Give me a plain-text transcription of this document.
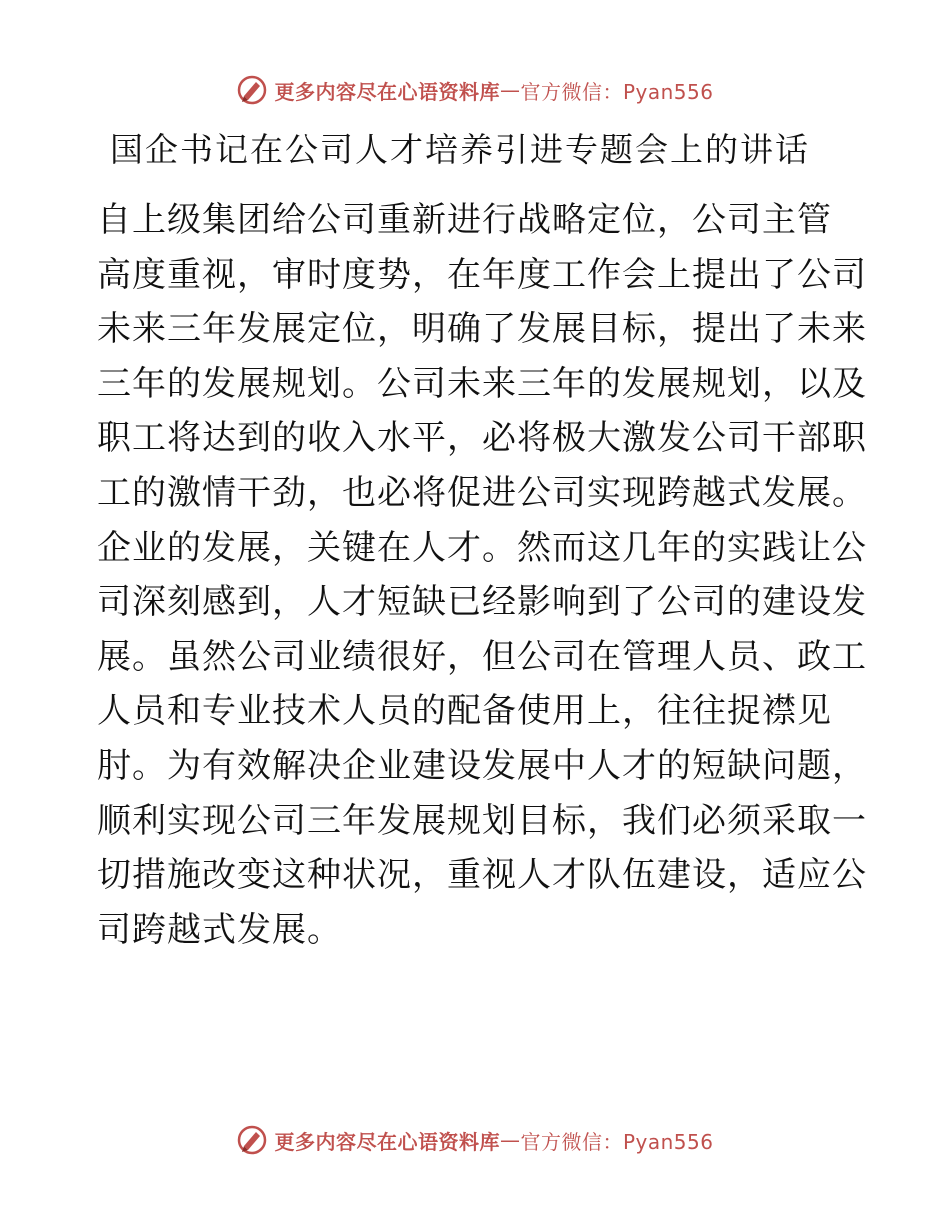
更多内容尽在心语资料库 — 官方微信：Pyan556
国企书记在公司人才培养引进专题会上的讲话
自上级集团给公司重新进行战略定位，公司主管
高度重视，审时度势，在年度工作会上提出了公司
未来三年发展定位，明确了发展目标，提出了未来
三年的发展规划。公司未来三年的发展规划，以及
职工将达到的收入水平，必将极大激发公司干部职
工的激情干劲，也必将促进公司实现跨越式发展。
企业的发展，关键在人才。然而这几年的实践让公
司深刻感到，人才短缺已经影响到了公司的建设发
展。虽然公司业绩很好，但公司在管理人员、政工
人员和专业技术人员的配备使用上，往往捉襟见
肘。为有效解决企业建设发展中人才的短缺问题，
顺利实现公司三年发展规划目标，我们必须采取一
切措施改变这种状况，重视人才队伍建设，适应公
司跨越式发展。
更多内容尽在心语资料库 — 官方微信：Pyan556
